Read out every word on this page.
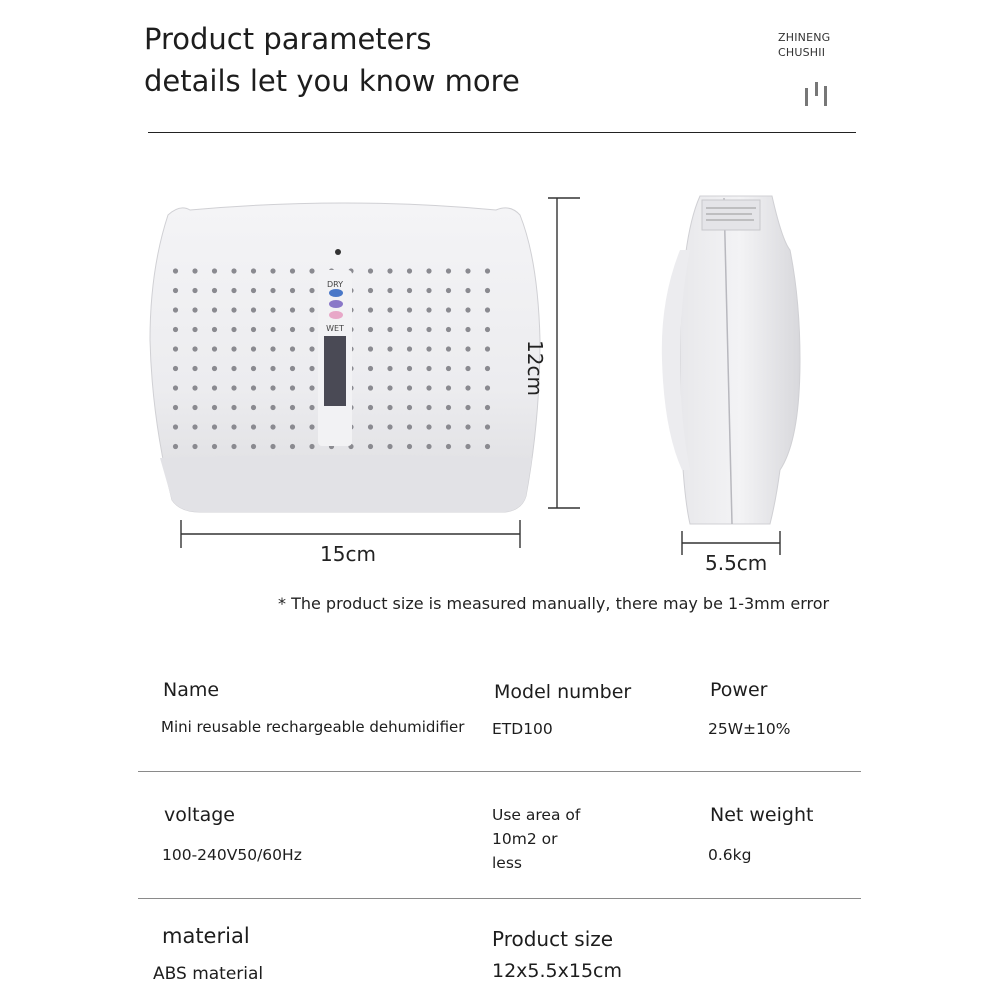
Product parameters
details let you know more
ZHINENG
CHUSHII
DRY
WET
12cm
15cm	5.5cm
* The product size is measured manually, there may be 1-3mm error
Name
Mini reusable rechargeable dehumidifier
Model number
ETD100
Power
25W±10%
voltage
100-240V50/60Hz
Use area of
10m2 or
less
Net weight
0.6kg
material
ABS material
Product size
12x5.5x15cm
